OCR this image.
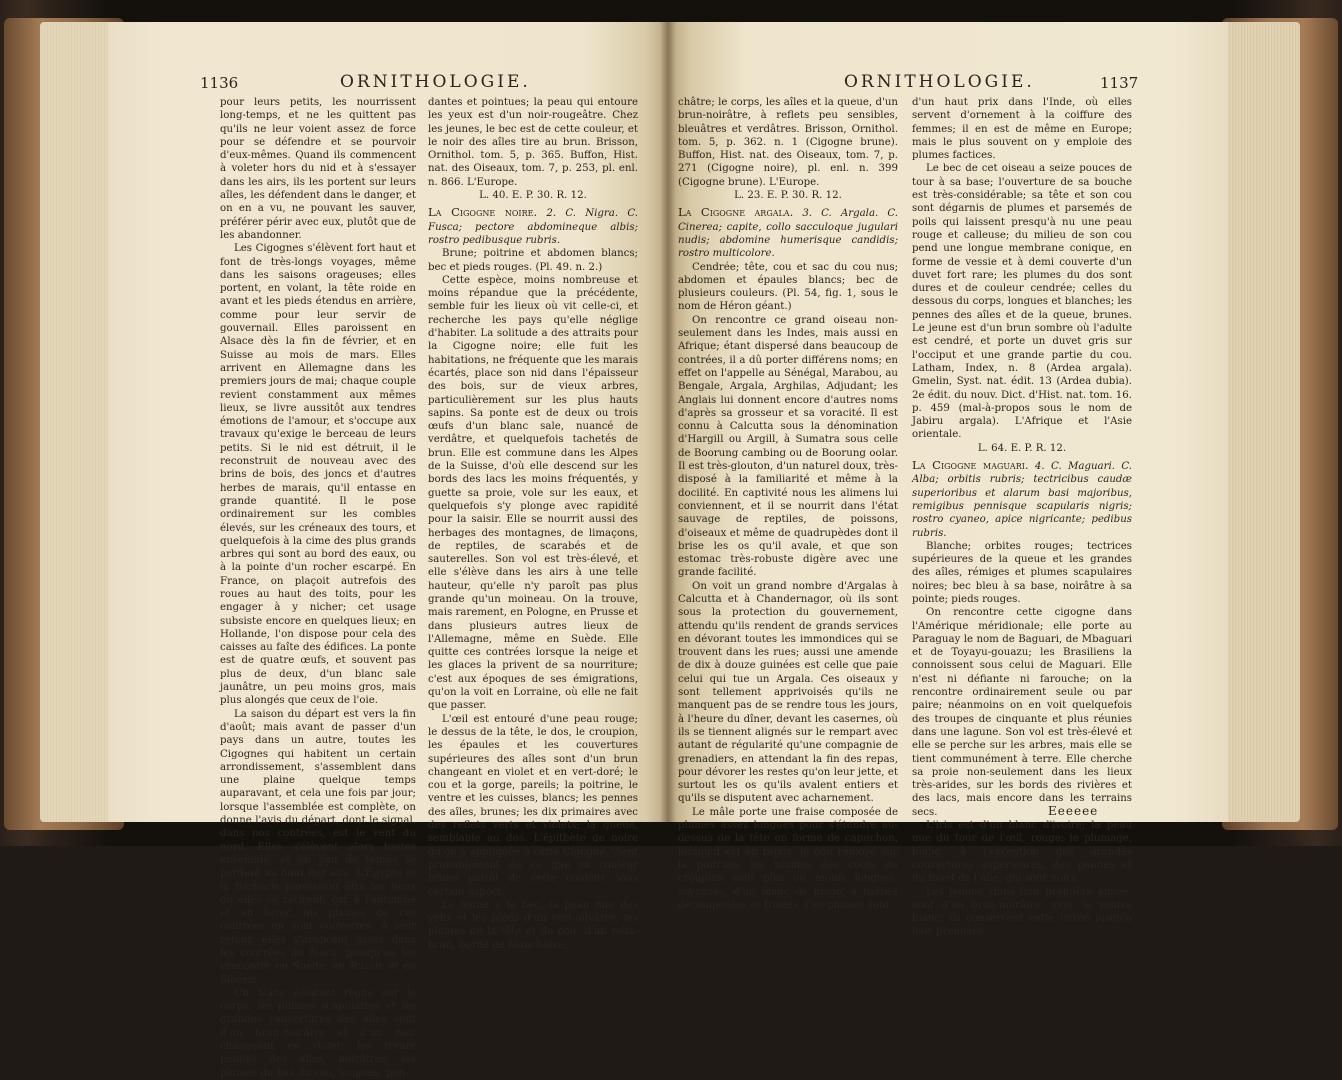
1136	ORNITHOLOGIE.

pour leurs petits, les nourrissent long-temps, et ne les quittent pas qu'ils ne leur voient assez de force pour se défendre et se pourvoir d'eux-mêmes. Quand ils commencent à voleter hors du nid et à s'essayer dans les airs, ils les portent sur leurs aîles, les défendent dans le danger, et on en a vu, ne pouvant les sauver, préférer périr avec eux, plutôt que de les abandonner.

Les Cigognes s'élèvent fort haut et font de très-longs voyages, même dans les saisons orageuses; elles portent, en volant, la tête roide en avant et les pieds étendus en arrière, comme pour leur servir de gouvernail. Elles paroissent en Alsace dès la fin de février, et en Suisse au mois de mars. Elles arrivent en Allemagne dans les premiers jours de mai; chaque couple revient constamment aux mêmes lieux, se livre aussitôt aux tendres émotions de l'amour, et s'occupe aux travaux qu'exige le berceau de leurs petits. Si le nid est détruit, il le reconstruit de nouveau avec des brins de bois, des joncs et d'autres herbes de marais, qu'il entasse en grande quantité. Il le pose ordinairement sur les combles élevés, sur les créneaux des tours, et quelquefois à la cime des plus grands arbres qui sont au bord des eaux, ou à la pointe d'un rocher escarpé. En France, on plaçoit autrefois des roues au haut des toits, pour les engager à y nicher; cet usage subsiste encore en quelques lieux; en Hollande, l'on dispose pour cela des caisses au faîte des édifices. La ponte est de quatre œufs, et souvent pas plus de deux, d'un blanc sale jaunâtre, un peu moins gros, mais plus alongés que ceux de l'oie.

La saison du départ est vers la fin d'août; mais avant de passer d'un pays dans un autre, toutes les Cigognes qui habitent un certain arrondissement, s'assemblent dans une plaine quelque temps auparavant, et cela une fois par jour; lorsque l'assemblée est complète, on donne l'avis du départ, dont le signal, dans nos contrées, est le vent du nord. Elles s'élèvent alors toutes ensemble, et en peu de temps se perdent au haut des airs. L'Egypte et la Barbarie paroissent être les lieux où elles se retirent; car à l'automne et en hiver, les plaines de ces contrées en sont couvertes. A leur retour, elles s'avancent assez dans les contrées du Nord, puisqu'on les rencontre en Suède, en Russie et en Sibérie.

Un blanc éclatant règne sur le corps; les plumes scapulaires et les grandes couvertures des aîles sont d'un brun-noirâtre et d'un noir changeant en violet; les trente pennes des aîles, noirâtres; les plumes du bas du cou, longues, pen-

dantes et pointues; la peau qui entoure les yeux est d'un noir-rougeâtre. Chez les jeunes, le bec est de cette couleur, et le noir des aîles tire au brun. Brisson, Ornithol. tom. 5, p. 365. Buffon, Hist. nat. des Oiseaux, tom. 7, p. 253, pl. enl. n. 866. L'Europe.

L. 40. E. P. 30. R. 12.

La Cigogne noire. 2. C. Nigra. C. Fusca; pectore abdomineque albis; rostro pedibusque rubris.

Brune; poitrine et abdomen blancs; bec et pieds rouges. (Pl. 49. n. 2.)

Cette espèce, moins nombreuse et moins répandue que la précédente, semble fuir les lieux où vit celle-ci, et recherche les pays qu'elle néglige d'habiter. La solitude a des attraits pour la Cigogne noire; elle fuit les habitations, ne fréquente que les marais écartés, place son nid dans l'épaisseur des bois, sur de vieux arbres, particulièrement sur les plus hauts sapins. Sa ponte est de deux ou trois œufs d'un blanc sale, nuancé de verdâtre, et quelquefois tachetés de brun. Elle est commune dans les Alpes de la Suisse, d'où elle descend sur les bords des lacs les moins fréquentés, y guette sa proie, vole sur les eaux, et quelquefois s'y plonge avec rapidité pour la saisir. Elle se nourrit aussi des herbages des montagnes, de limaçons, de reptiles, de scarabés et de sauterelles. Son vol est très-élevé, et elle s'élève dans les airs à une telle hauteur, qu'elle n'y paroît pas plus grande qu'un moineau. On la trouve, mais rarement, en Pologne, en Prusse et dans plusieurs autres lieux de l'Allemagne, même en Suède. Elle quitte ces contrées lorsque la neige et les glaces la privent de sa nourriture; c'est aux époques de ses émigrations, qu'on la voit en Lorraine, où elle ne fait que passer.

L'œil est entouré d'une peau rouge; le dessus de la tête, le dos, le croupion, les épaules et les couvertures supérieures des aîles sont d'un brun changeant en violet et en vert-doré; le cou et la gorge, pareils; la poitrine, le ventre et les cuisses, blancs; les pennes des aîles, brunes; les dix primaires avec des reflets verts et violets; la queue, semblable au dos. L'épithète de noire qu'on a appliquée à cette Cigogne, vient probablement de ce que sa couleur brune paroît de cette couleur sous certain aspect.

Le jeune a le bec, la peau nue des yeux et les pieds d'un vert-olivâtre; les plumes de la tête et du cou, d'un roux-brun, bordé de blanchâtre;

ORNITHOLOGIE.	1137

châtre; le corps, les aîles et la queue, d'un brun-noirâtre, à reflets peu sensibles, bleuâtres et verdâtres. Brisson, Ornithol. tom. 5, p. 362. n. 1 (Cigogne brune). Buffon, Hist. nat. des Oiseaux, tom. 7, p. 271 (Cigogne noire), pl. enl. n. 399 (Cigogne brune). L'Europe.

L. 23. E. P. 30. R. 12.

La Cigogne argala. 3. C. Argala. C. Cinerea; capite, collo sacculoque jugulari nudis; abdomine humerisque candidis; rostro multicolore.

Cendrée; tête, cou et sac du cou nus; abdomen et épaules blancs; bec de plusieurs couleurs. (Pl. 54, fig. 1, sous le nom de Héron géant.)

On rencontre ce grand oiseau non-seulement dans les Indes, mais aussi en Afrique; étant dispersé dans beaucoup de contrées, il a dû porter différens noms; en effet on l'appelle au Sénégal, Marabou, au Bengale, Argala, Arghilas, Adjudant; les Anglais lui donnent encore d'autres noms d'après sa grosseur et sa voracité. Il est connu à Calcutta sous la dénomination d'Hargill ou Argill, à Sumatra sous celle de Boorung cambing ou de Boorung oolar. Il est très-glouton, d'un naturel doux, très-disposé à la familiarité et même à la docilité. En captivité nous les alimens lui conviennent, et il se nourrit dans l'état sauvage de reptiles, de poissons, d'oiseaux et même de quadrupèdes dont il brise les os qu'il avale, et que son estomac très-robuste digère avec une grande facilité.

On voit un grand nombre d'Argalas à Calcutta et à Chandernagor, où ils sont sous la protection du gouvernement, attendu qu'ils rendent de grands services en dévorant toutes les immondices qui se trouvent dans les rues; aussi une amende de dix à douze guinées est celle que paie celui qui tue un Argala. Ces oiseaux y sont tellement apprivoisés qu'ils ne manquent pas de se rendre tous les jours, à l'heure du dîner, devant les casernes, où ils se tiennent alignés sur le rempart avec autant de régularité qu'une compagnie de grenadiers, en attendant la fin des repas, pour dévorer les restes qu'on leur jette, et surtout les os qu'ils avalent entiers et qu'ils se disputent avec acharnement.

Le mâle porte une fraise composée de plumes assez longues pour s'étendre au-dessus de la tête en forme de capuchon, lorsqu'il est en repos, le cou reployé sur la poitrine; les plumes des côtés du croupion sont plus ou moins longues, soyeuses, d'un blanc de neige, à barbes décomposées et frisées. Ces plumes sont

d'un haut prix dans l'Inde, où elles servent d'ornement à la coiffure des femmes; il en est de même en Europe; mais le plus souvent on y emploie des plumes factices.

Le bec de cet oiseau a seize pouces de tour à sa base; l'ouverture de sa bouche est très-considérable; sa tête et son cou sont dégarnis de plumes et parsemés de poils qui laissent presqu'à nu une peau rouge et calleuse; du milieu de son cou pend une longue membrane conique, en forme de vessie et à demi couverte d'un duvet fort rare; les plumes du dos sont dures et de couleur cendrée; celles du dessous du corps, longues et blanches; les pennes des aîles et de la queue, brunes. Le jeune est d'un brun sombre où l'adulte est cendré, et porte un duvet gris sur l'occiput et une grande partie du cou. Latham, Index, n. 8 (Ardea argala). Gmelin, Syst. nat. édit. 13 (Ardea dubia). 2e édit. du nouv. Dict. d'Hist. nat. tom. 16. p. 459 (mal-à-propos sous le nom de Jabiru argala). L'Afrique et l'Asie orientale.

L. 64. E. P. R. 12.

La Cigogne maguari. 4. C. Maguari. C. Alba; orbitis rubris; tectricibus caudæ superioribus et alarum basi majoribus, remigibus pennisque scapularis nigris; rostro cyaneo, apice nigricante; pedibus rubris.

Blanche; orbites rouges; tectrices supérieures de la queue et les grandes des aîles, rémiges et plumes scapulaires noires; bec bleu à sa base, noirâtre à sa pointe; pieds rouges.

On rencontre cette cigogne dans l'Amérique méridionale; elle porte au Paraguay le nom de Baguari, de Mbaguari et de Toyayu-gouazu; les Brasiliens la connoissent sous celui de Maguari. Elle n'est ni défiante ni farouche; on la rencontre ordinairement seule ou par paire; néanmoins on en voit quelquefois des troupes de cinquante et plus réunies dans une lagune. Son vol est très-élevé et elle se perche sur les arbres, mais elle se tient communément à terre. Elle cherche sa proie non-seulement dans les lieux très-arides, sur les bords des rivières et des lacs, mais encore dans les terrains secs.

L'iris est d'un blanc d'ivoire; la peau nue du tour de l'œil, rouge; le plumage, blanc, à l'exception des grandes couvertures supérieures, des pennes et du fouet de l'aîle, qui sont noirs.

Les jeunes, dans leur première année, sont d'un brun-noirâtre, avec le ventre blanc; ils conservent cette livrée jusqu'à leur première

Eeeeee
